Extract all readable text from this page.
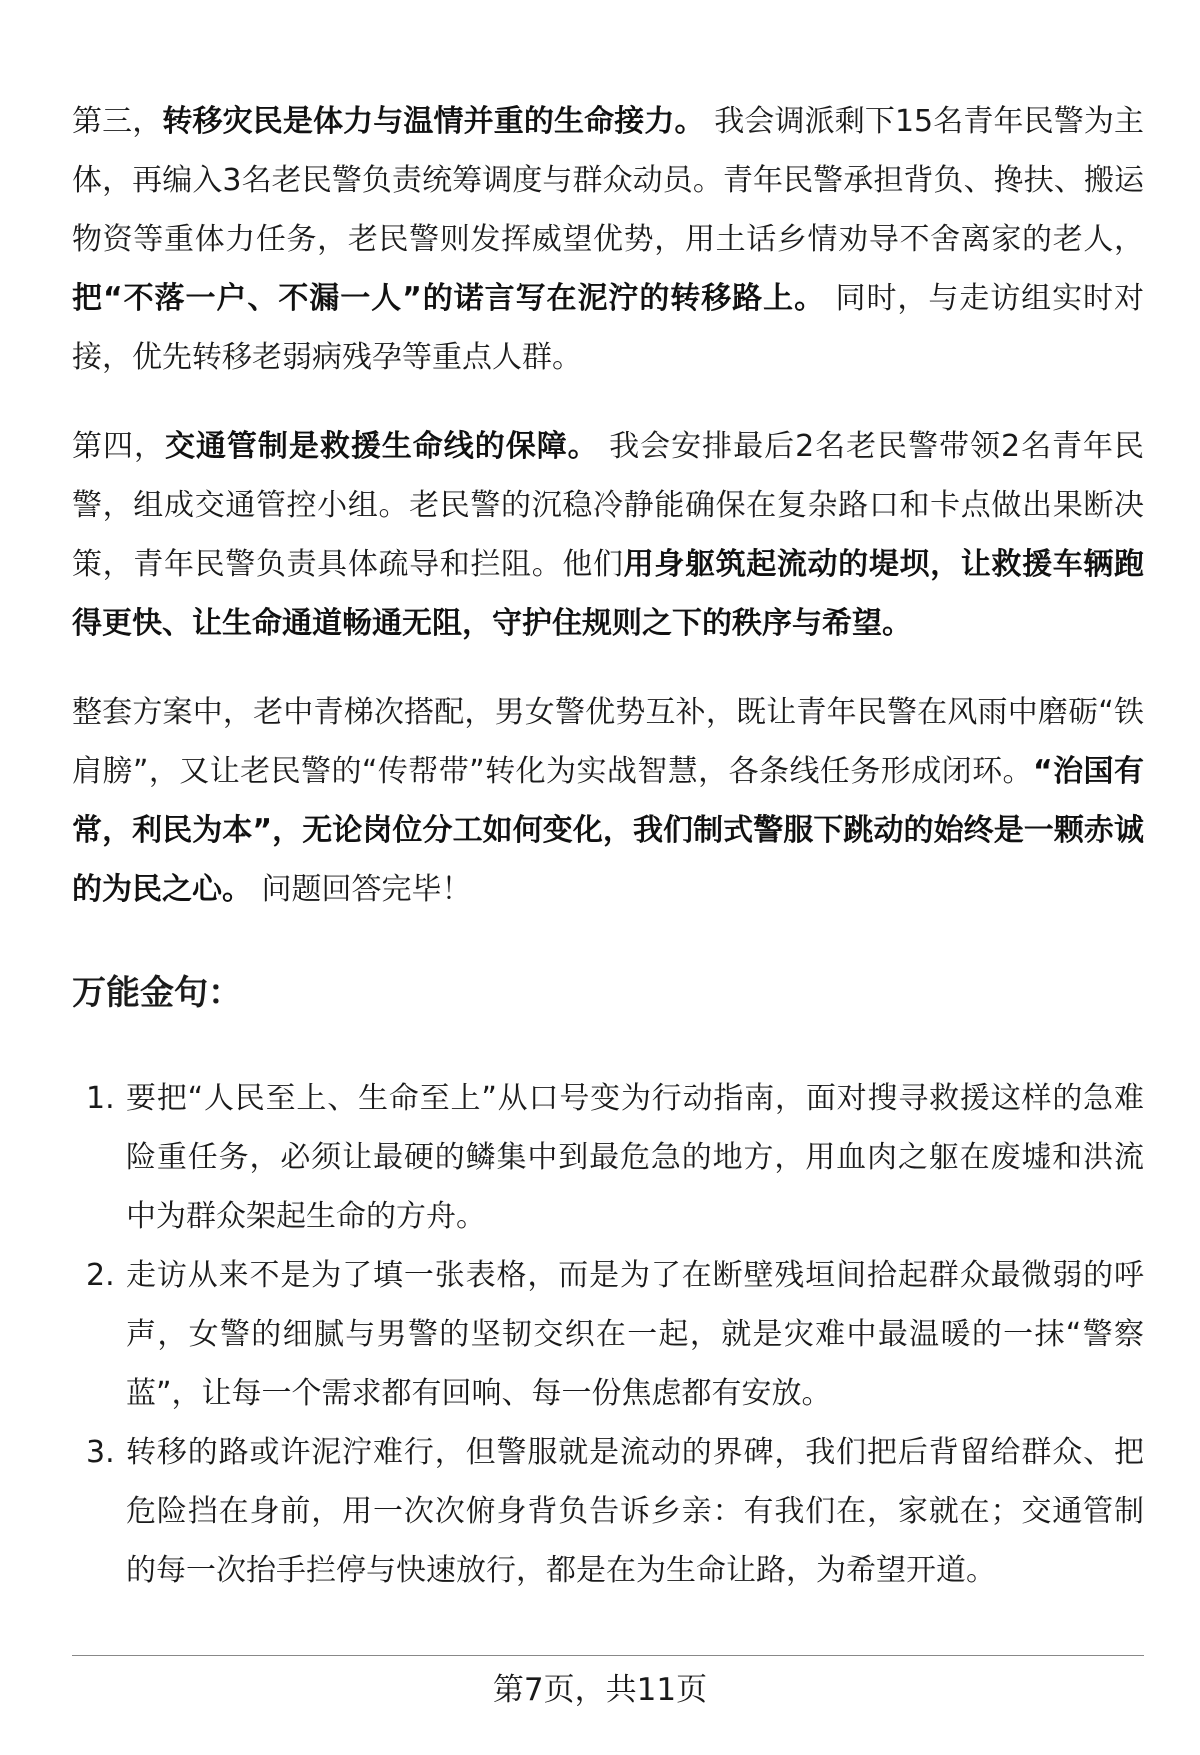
第三，转移灾民是体力与温情并重的生命接力。 我会调派剩下15名青年民警为主体，再编入3名老民警负责统筹调度与群众动员。青年民警承担背负、搀扶、搬运物资等重体力任务，老民警则发挥威望优势，用土话乡情劝导不舍离家的老人，把“不落一户、不漏一人”的诺言写在泥泞的转移路上。 同时，与走访组实时对接，优先转移老弱病残孕等重点人群。
第四，交通管制是救援生命线的保障。 我会安排最后2名老民警带领2名青年民警，组成交通管控小组。老民警的沉稳冷静能确保在复杂路口和卡点做出果断决策，青年民警负责具体疏导和拦阻。他们用身躯筑起流动的堤坝，让救援车辆跑得更快、让生命通道畅通无阻，守护住规则之下的秩序与希望。
整套方案中，老中青梯次搭配，男女警优势互补，既让青年民警在风雨中磨砺“铁肩膀”，又让老民警的“传帮带”转化为实战智慧，各条线任务形成闭环。“治国有常，利民为本”，无论岗位分工如何变化，我们制式警服下跳动的始终是一颗赤诚的为民之心。 问题回答完毕！
万能金句：
1. 要把“人民至上、生命至上”从口号变为行动指南，面对搜寻救援这样的急难险重任务，必须让最硬的鳞集中到最危急的地方，用血肉之躯在废墟和洪流中为群众架起生命的方舟。
2. 走访从来不是为了填一张表格，而是为了在断壁残垣间拾起群众最微弱的呼声，女警的细腻与男警的坚韧交织在一起，就是灾难中最温暖的一抹“警察蓝”，让每一个需求都有回响、每一份焦虑都有安放。
3. 转移的路或许泥泞难行，但警服就是流动的界碑，我们把后背留给群众、把危险挡在身前，用一次次俯身背负告诉乡亲：有我们在，家就在；交通管制的每一次抬手拦停与快速放行，都是在为生命让路，为希望开道。
第7页，共11页
